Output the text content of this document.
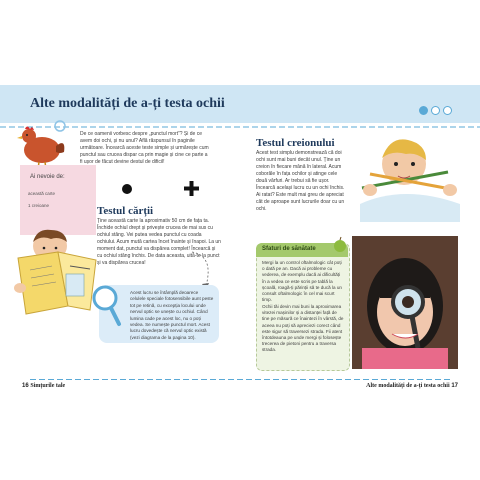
Alte modalități de a-ți testa ochii
De ce oamenii vorbesc despre „punctul mort”? Și de ce avem doi ochi, și nu unul? Află răspunsul în paginile următoare. Încearcă aceste teste simple și urmărește cum punctul sau crucea dispar ca prin magie și cine ce parte a fi ușor de făcut devine destul de dificil!
Ai nevoie de:
această carte
1 creioane	Testul cărții
Ține această carte la aproximativ 50 cm de fața ta. Închide ochiul drept și privește crucea de mai sus cu ochiul stâng. Vei putea vedea punctul cu coada ochiului. Acum mută cartea încet înainte și înapoi. La un moment dat, punctul va dispărea complet! Încearcă și cu ochiul stâng închis. De data aceasta, uită-te la punct și va dispărea crucea!
Acest lucru se întâmplă deoarece celulele speciale fotosensibile aunt peste tot pe retină, cu excepția locului unde nervul optic se unește cu ochiul. Când lumina cade pe acest loc, nu o poți vedea. Se numește punctul mort. Acest lucru dovedește că nervul optic există (vezi diagrama de la pagina 10).
Testul creionului
Acest test simplu demonstrează că doi ochi sunt mai buni decât unul. Ține un creion în fiecare mână în lateral. Acum coborăle în fața ochilor și atinge cele două vârfuri. Ar trebui să fie ușor. Încearcă același lucru cu un ochi închis. Ai ratat? Este mult mai greu de apreciat căt de aproape sunt lucrurile doar cu un ochi.
Sfaturi de sănătate
Mergi la un control oftalmologic cât poți o dată pe an. Dacă ai probleme cu vederea, de exemplu dacă ai dificultăți în a vedea ce este scris pe tablă la școală, roagă-ți părinții să te ducă la un consult oftalmologic în cel mai scurt timp.
Ochii tăi devin mai buni la aproximarea vitezei mașinilor și a distanței față de tine pe măsură ce înaintezi în vârstă, de aceea nu poți să apreciezi corect când este sigur să traversezi strada. Fii atent întotdeauna pe unde mergi și folosește trecerea de pietoni pentru a traversa strada.
16 Simțurile tale	Alte modalități de a-ți testa ochii 17
